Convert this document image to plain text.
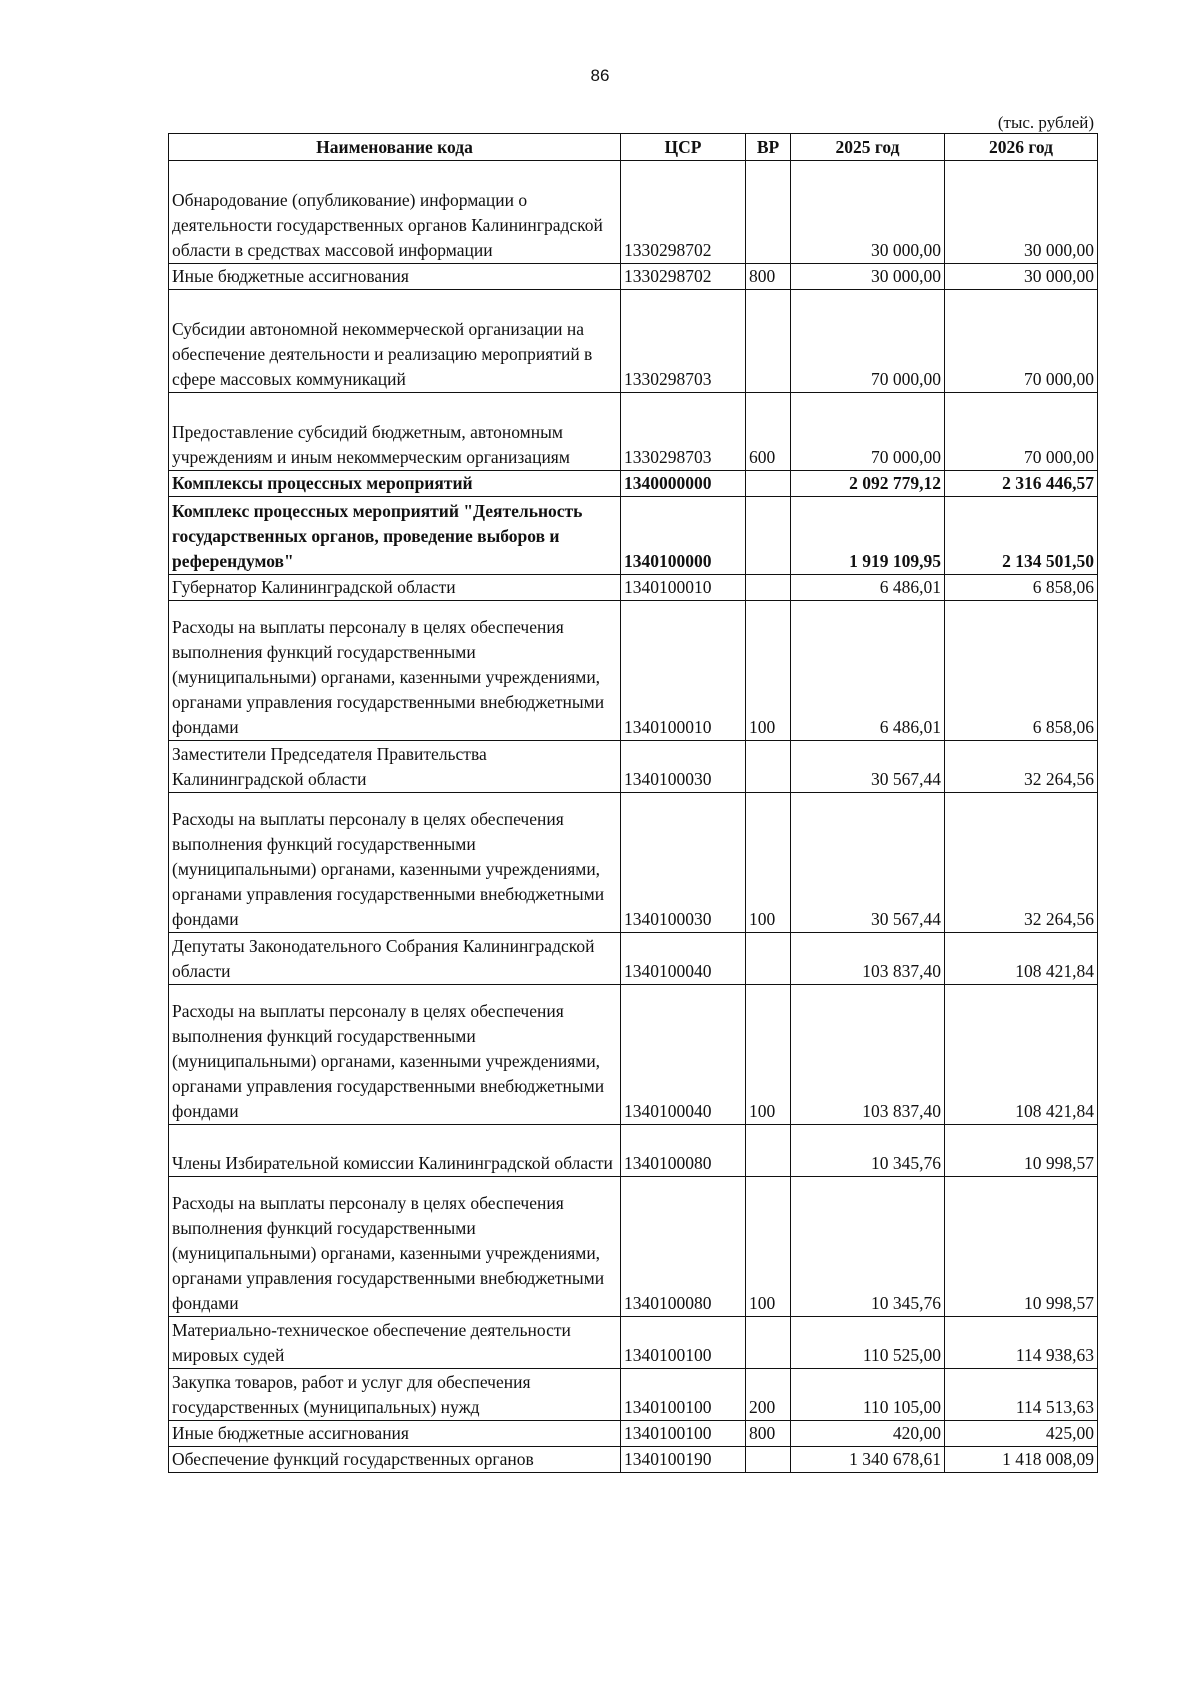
86
(тыс. рублей)
Наименование кода	ЦСР	ВР	2025 год	2026 год
Обнародование (опубликование) информации о деятельности государственных органов Калининградской области в средствах массовой информации	1330298702		30 000,00	30 000,00
Иные бюджетные ассигнования	1330298702	800	30 000,00	30 000,00
Субсидии автономной некоммерческой организации на обеспечение деятельности и реализацию мероприятий в сфере массовых коммуникаций	1330298703		70 000,00	70 000,00
Предоставление субсидий бюджетным, автономным учреждениям и иным некоммерческим организациям	1330298703	600	70 000,00	70 000,00
Комплексы процессных мероприятий	1340000000		2 092 779,12	2 316 446,57
Комплекс процессных мероприятий "Деятельность государственных органов, проведение выборов и референдумов"	1340100000		1 919 109,95	2 134 501,50
Губернатор Калининградской области	1340100010		6 486,01	6 858,06
Расходы на выплаты персоналу в целях обеспечения выполнения функций государственными (муниципальными) органами, казенными учреждениями, органами управления государственными внебюджетными фондами	1340100010	100	6 486,01	6 858,06
Заместители Председателя Правительства Калининградской области	1340100030		30 567,44	32 264,56
Расходы на выплаты персоналу в целях обеспечения выполнения функций государственными (муниципальными) органами, казенными учреждениями, органами управления государственными внебюджетными фондами	1340100030	100	30 567,44	32 264,56
Депутаты Законодательного Собрания Калининградской области	1340100040		103 837,40	108 421,84
Расходы на выплаты персоналу в целях обеспечения выполнения функций государственными (муниципальными) органами, казенными учреждениями, органами управления государственными внебюджетными фондами	1340100040	100	103 837,40	108 421,84
Члены Избирательной комиссии Калининградской области	1340100080		10 345,76	10 998,57
Расходы на выплаты персоналу в целях обеспечения выполнения функций государственными (муниципальными) органами, казенными учреждениями, органами управления государственными внебюджетными фондами	1340100080	100	10 345,76	10 998,57
Материально-техническое обеспечение деятельности мировых судей	1340100100		110 525,00	114 938,63
Закупка товаров, работ и услуг для обеспечения государственных (муниципальных) нужд	1340100100	200	110 105,00	114 513,63
Иные бюджетные ассигнования	1340100100	800	420,00	425,00
Обеспечение функций государственных органов	1340100190		1 340 678,61	1 418 008,09
